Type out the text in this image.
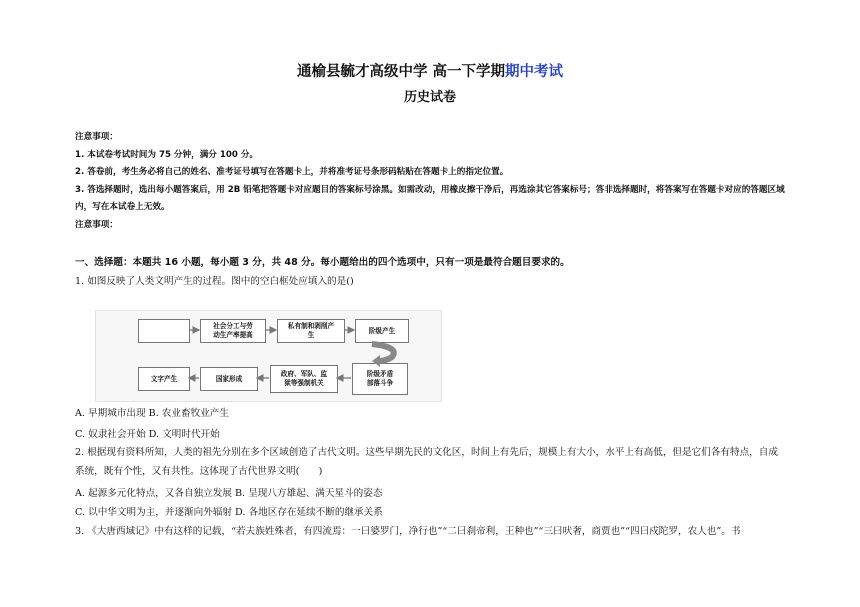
通榆县毓才高级中学 高一下学期期中考试
历史试卷
注意事项：
1. 本试卷考试时间为 75 分钟，满分 100 分。
2. 答卷前，考生务必将自己的姓名、准考证号填写在答题卡上，并将准考证号条形码粘贴在答题卡上的指定位置。
3. 答选择题时，选出每小题答案后，用 2B 铅笔把答题卡对应题目的答案标号涂黑。如需改动，用橡皮擦干净后，再选涂其它答案标号；答非选择题时，将答案写在答题卡对应的答题区域内，写在本试卷上无效。
注意事项：
一、选择题：本题共 16 小题，每小题 3 分，共 48 分。每小题给出的四个选项中，只有一项是最符合题目要求的。
1. 如图反映了人类文明产生的过程。图中的空白框处应填入的是()
社会分工与劳
动生产率提高
私有制和剥削产
生
阶级产生
文字产生	国家形成
政府、军队、监
狱等强制机关
阶级矛盾
部落斗争
A. 早期城市出现 B. 农业畜牧业产生
C. 奴隶社会开始 D. 文明时代开始
2. 根据现有资料所知，人类的祖先分别在多个区域创造了古代文明。这些早期先民的文化区，时间上有先后，规模上有大小，水平上有高低，但是它们各有特点，自成系统，既有个性，又有共性。这体现了古代世界文明(　　)
A. 起源多元化特点，又各自独立发展 B. 呈现八方雄起、满天星斗的姿态
C. 以中华文明为主，并逐渐向外辐射 D. 各地区存在延续不断的继承关系
3. 《大唐西域记》中有这样的记载，“若夫族姓殊者，有四流焉：一曰婆罗门，净行也”“二曰刹帝利，王种也”“三曰吠奢，商贾也”“四曰戍陀罗，农人也”。书
